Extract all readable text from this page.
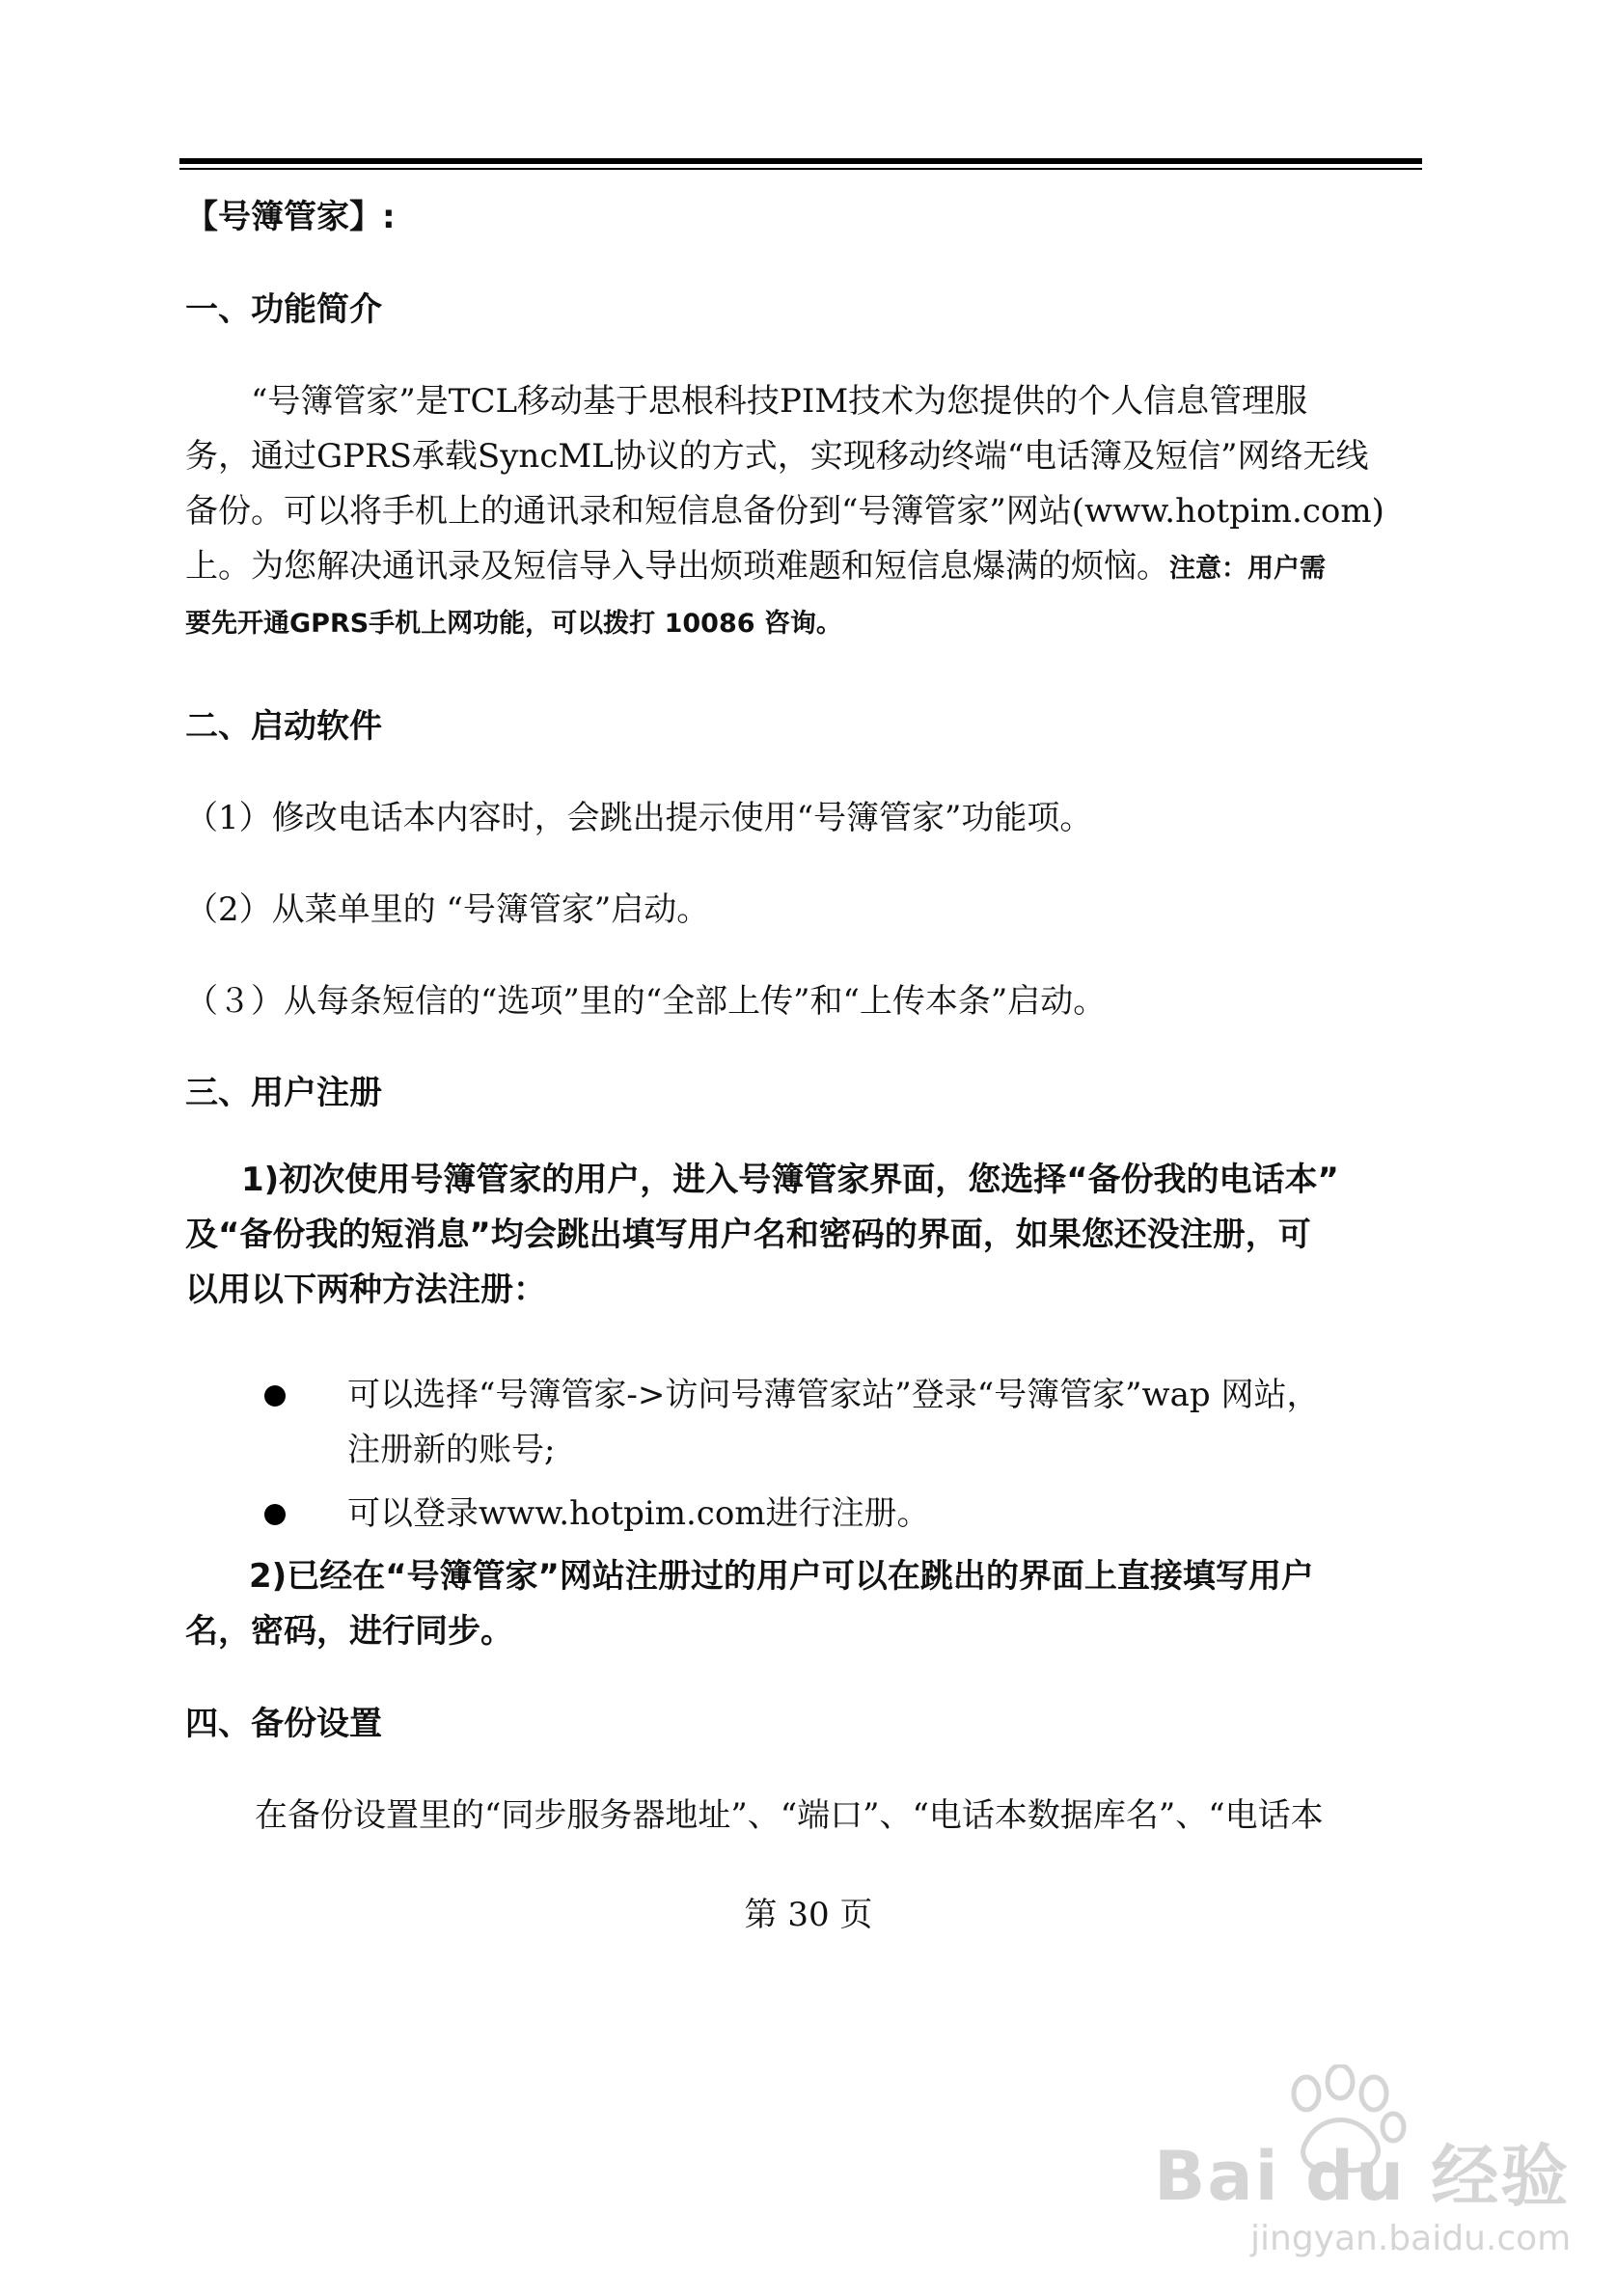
【号簿管家】:
一、功能简介

“号簿管家”是TCL移动基于思根科技PIM技术为您提供的个人信息管理服

务，通过GPRS承载SyncML协议的方式，实现移动终端“电话簿及短信”网络无线

备份。可以将手机上的通讯录和短信息备份到“号簿管家”网站(www.hotpim.com)

上。为您解决通讯录及短信导入导出烦琐难题和短信息爆满的烦恼。注意：用户需

要先开通GPRS手机上网功能，可以拨打 10086 咨询。

二、启动软件
（1）修改电话本内容时，会跳出提示使用“号簿管家”功能项。
（2）从菜单里的 “号簿管家”启动。
（３）从每条短信的“选项”里的“全部上传”和“上传本条”启动。
三、用户注册

1)初次使用号簿管家的用户，进入号簿管家界面，您选择“备份我的电话本”

及“备份我的短消息”均会跳出填写用户名和密码的界面，如果您还没注册，可

以用以下两种方法注册：

可以选择“号簿管家->访问号薄管家站”登录“号簿管家”wap 网站，
注册新的账号;
可以登录www.hotpim.com进行注册。

2)已经在“号簿管家”网站注册过的用户可以在跳出的界面上直接填写用户

名，密码，进行同步。

四、备份设置
在备份设置里的“同步服务器地址”、“端口”、“电话本数据库名”、“电话本
第 30 页
Bai du 经验
jingyan.baidu.com
